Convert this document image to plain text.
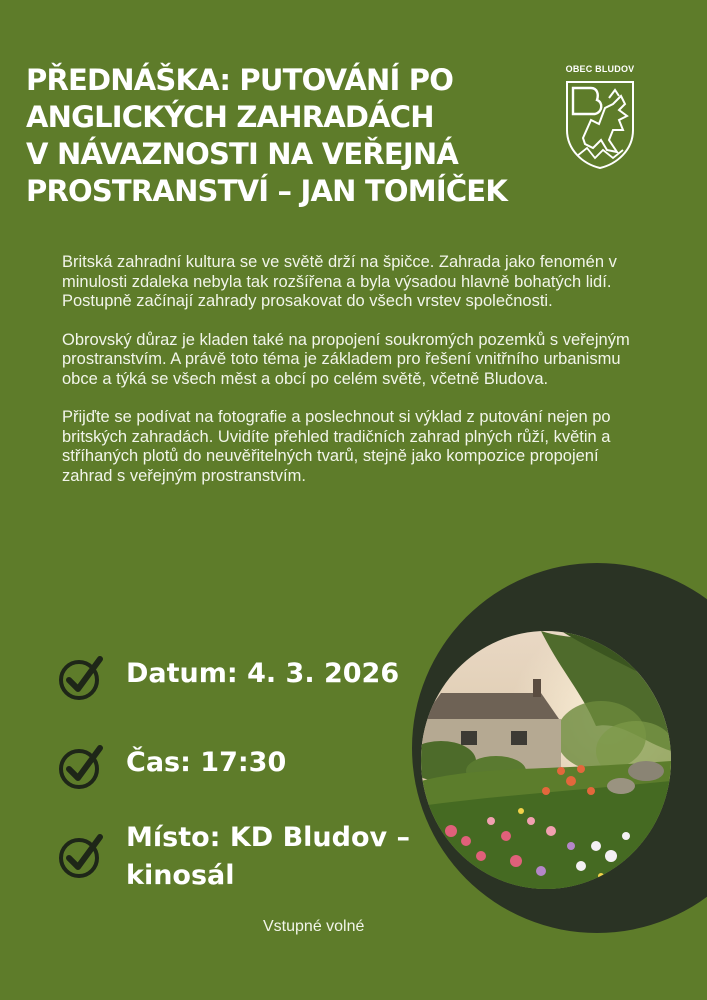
PŘEDNÁŠKA: PUTOVÁNÍ PO
ANGLICKÝCH ZAHRADÁCH
V NÁVAZNOSTI NA VEŘEJNÁ
PROSTRANSTVÍ – JAN TOMÍČEK
OBEC BLUDOV

Britská zahradní kultura se ve světě drží na špičce. Zahrada jako fenomén v minulosti zdaleka nebyla tak rozšířena a byla výsadou hlavně bohatých lidí. Postupně začínají zahrady prosakovat do všech vrstev společnosti.

Obrovský důraz je kladen také na propojení soukromých pozemků s veřejným prostranstvím. A právě toto téma je základem pro řešení vnitřního urbanismu obce a týká se všech měst a obcí po celém světě, včetně Bludova.

Přijďte se podívat na fotografie a poslechnout si výklad z putování nejen po britských zahradách. Uvidíte přehled tradičních zahrad plných růží, květin a stříhaných plotů do neuvěřitelných tvarů, stejně jako kompozice propojení zahrad s veřejným prostranstvím.

Datum: 4. 3. 2026
Čas: 17:30
Místo: KD Bludov –
kinosál
Vstupné volné
